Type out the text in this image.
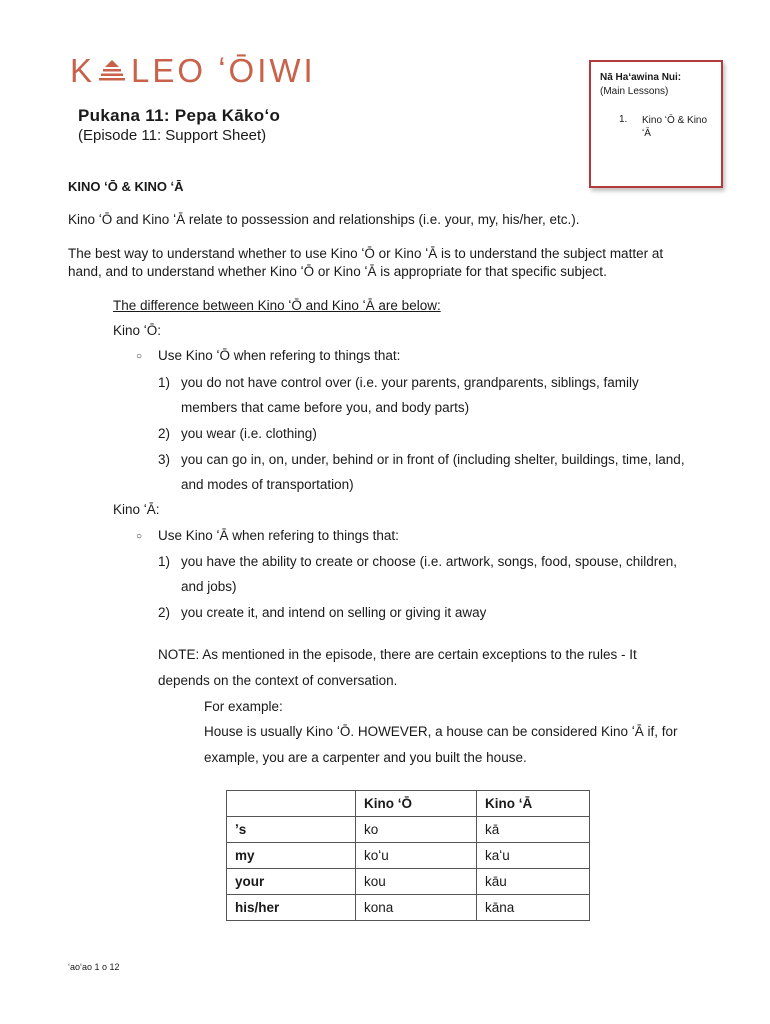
K LEO ʻŌIWI
Pukana 11: Pepa Kākoʻo
(Episode 11: Support Sheet)
Nā Haʻawina Nui:
(Main Lessons)
1. Kino ʻŌ & Kino ʻĀ
KINO ʻŌ & KINO ʻĀ
Kino ʻŌ and Kino ʻĀ relate to possession and relationships (i.e. your, my, his/her, etc.).
The best way to understand whether to use Kino ʻŌ or Kino ʻĀ is to understand the subject matter at
hand, and to understand whether Kino ʻŌ or Kino ʻĀ is appropriate for that specific subject.
The difference between Kino ʻŌ and Kino ʻĀ are below:
Kino ʻŌ:
○ Use Kino ʻŌ when refering to things that:
1) you do not have control over (i.e. your parents, grandparents, siblings, family
members that came before you, and body parts)
2) you wear (i.e. clothing)
3) you can go in, on, under, behind or in front of (including shelter, buildings, time, land,
and modes of transportation)
Kino ʻĀ:
○ Use Kino ʻĀ when refering to things that:
1) you have the ability to create or choose (i.e. artwork, songs, food, spouse, children,
and jobs)
2) you create it, and intend on selling or giving it away
NOTE: As mentioned in the episode, there are certain exceptions to the rules - It
depends on the context of conversation.
For example:
House is usually Kino ʻŌ. HOWEVER, a house can be considered Kino ʻĀ if, for
example, you are a carpenter and you built the house.
	Kino ʻŌ	Kino ʻĀ
ʼs	ko	kā
my	koʻu	kaʻu
your	kou	kāu
his/her	kona	kāna
ʻaoʻao 1 o 12
